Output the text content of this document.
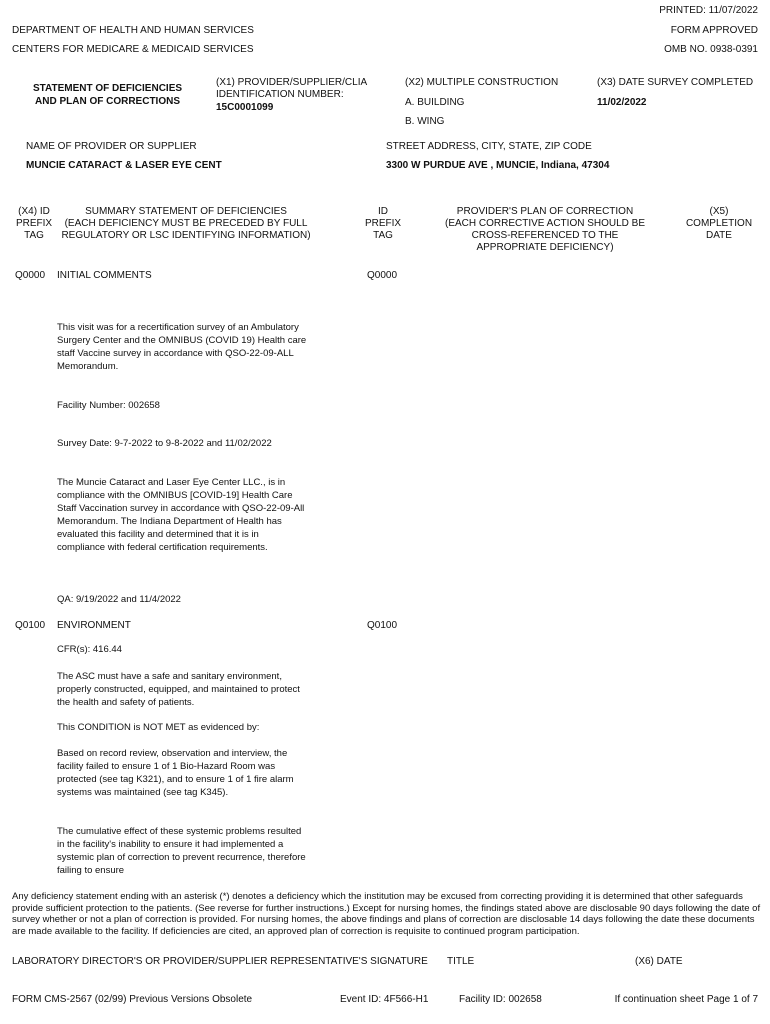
PRINTED: 11/07/2022
DEPARTMENT OF HEALTH AND HUMAN SERVICES	FORM APPROVED
CENTERS FOR MEDICARE & MEDICAID SERVICES	OMB NO. 0938-0391
STATEMENT OF DEFICIENCIES
AND PLAN OF CORRECTIONS
(X1) PROVIDER/SUPPLIER/CLIA
IDENTIFICATION NUMBER:
15C0001099
(X2) MULTIPLE CONSTRUCTION
A. BUILDING
B. WING
(X3) DATE SURVEY COMPLETED
11/02/2022
NAME OF PROVIDER OR SUPPLIER
MUNCIE CATARACT & LASER EYE CENT
STREET ADDRESS, CITY, STATE, ZIP CODE
3300 W PURDUE AVE , MUNCIE, Indiana, 47304
(X4) ID
PREFIX
TAG
SUMMARY STATEMENT OF DEFICIENCIES
(EACH DEFICIENCY MUST BE PRECEDED BY FULL
REGULATORY OR LSC IDENTIFYING INFORMATION)
ID
PREFIX
TAG
PROVIDER'S PLAN OF CORRECTION
(EACH CORRECTIVE ACTION SHOULD BE
CROSS-REFERENCED TO THE
APPROPRIATE DEFICIENCY)
(X5)
COMPLETION
DATE
Q0000 INITIAL COMMENTS	Q0000
This visit was for a recertification survey of an Ambulatory Surgery Center and the OMNIBUS (COVID 19) Health care staff Vaccine survey in accordance with QSO-22-09-ALL Memorandum.
Facility Number: 002658
Survey Date: 9-7-2022 to 9-8-2022 and 11/02/2022
The Muncie Cataract and Laser Eye Center LLC., is in compliance with the OMNIBUS [COVID-19] Health Care Staff Vaccination survey in accordance with QSO-22-09-All Memorandum. The Indiana Department of Health has evaluated this facility and determined that it is in compliance with federal certification requirements.
QA: 9/19/2022 and 11/4/2022
Q0100 ENVIRONMENT	Q0100
CFR(s): 416.44
The ASC must have a safe and sanitary environment, properly constructed, equipped, and maintained to protect the health and safety of patients.
This CONDITION is NOT MET as evidenced by:
Based on record review, observation and interview, the facility failed to ensure 1 of 1 Bio-Hazard Room was protected (see tag K321), and to ensure 1 of 1 fire alarm systems was maintained (see tag K345).
The cumulative effect of these systemic problems resulted in the facility's inability to ensure it had implemented a systemic plan of correction to prevent recurrence, therefore failing to ensure
Any deficiency statement ending with an asterisk (*) denotes a deficiency which the institution may be excused from correcting providing it is determined that other safeguards provide sufficient protection to the patients. (See reverse for further instructions.) Except for nursing homes, the findings stated above are disclosable 90 days following the date of survey whether or not a plan of correction is provided. For nursing homes, the above findings and plans of correction are disclosable 14 days following the date these documents are made available to the facility. If deficiencies are cited, an approved plan of correction is requisite to continued program participation.
LABORATORY DIRECTOR'S OR PROVIDER/SUPPLIER REPRESENTATIVE'S SIGNATURE TITLE	(X6) DATE
FORM CMS-2567 (02/99) Previous Versions Obsolete	Event ID: 4F566-H1	Facility ID: 002658	If continuation sheet Page 1 of 7
